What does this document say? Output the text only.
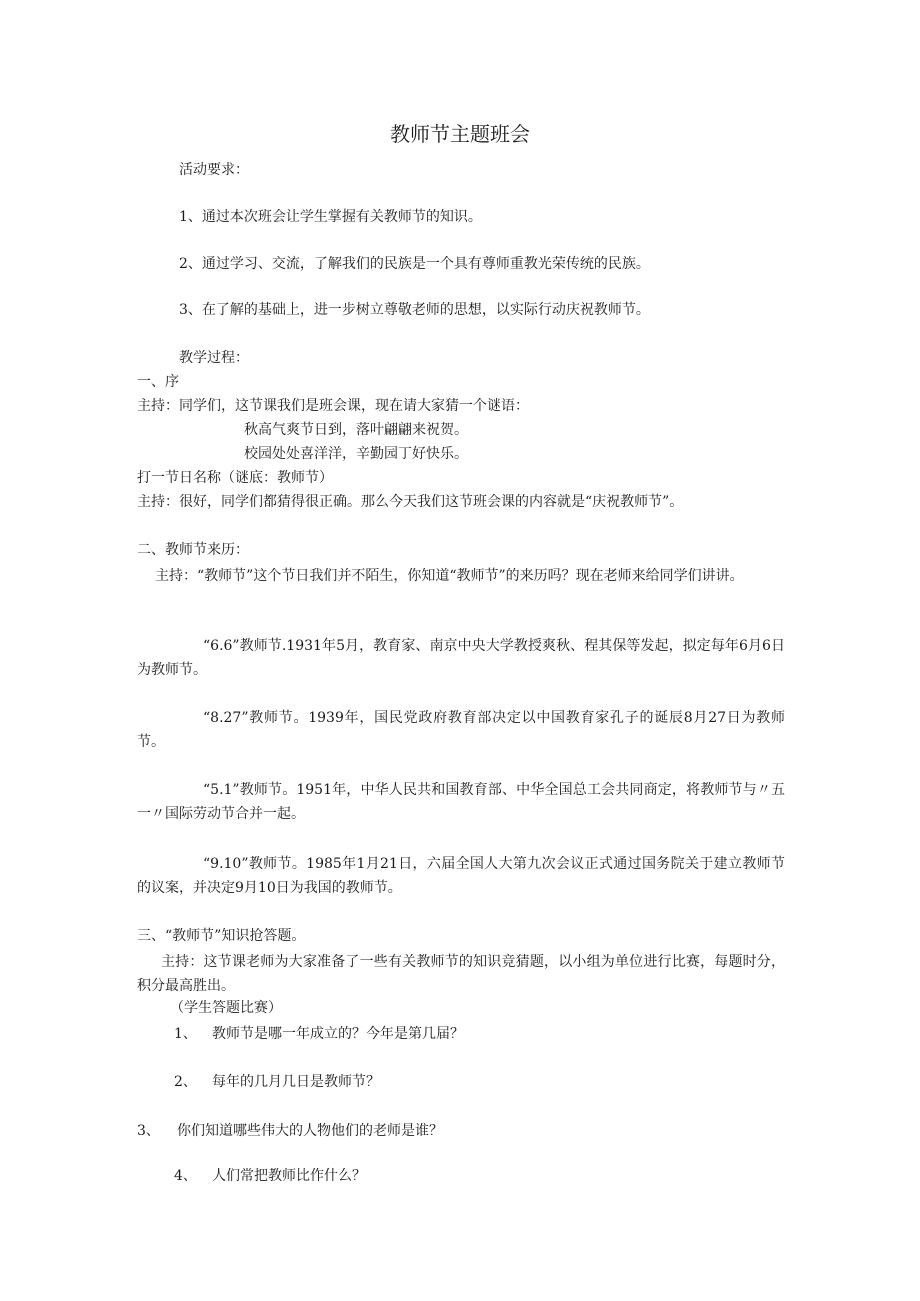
教师节主题班会
活动要求：
1、通过本次班会让学生掌握有关教师节的知识。
2、通过学习、交流，了解我们的民族是一个具有尊师重教光荣传统的民族。
3、在了解的基础上，进一步树立尊敬老师的思想，以实际行动庆祝教师节。
教学过程：
一、序
主持：同学们，这节课我们是班会课，现在请大家猜一个谜语：
秋高气爽节日到，落叶翩翩来祝贺。
校园处处喜洋洋，辛勤园丁好快乐。
打一节日名称（谜底：教师节）
主持：很好，同学们都猜得很正确。那么今天我们这节班会课的内容就是“庆祝教师节”。
二、教师节来历：
主持：“教师节”这个节日我们并不陌生，你知道“教师节”的来历吗？现在老师来给同学们讲讲。
“6.6”教师节.1931年5月，教育家、南京中央大学教授爽秋、程其保等发起，拟定每年6月6日为教师节。
“8.27”教师节。1939年，国民党政府教育部决定以中国教育家孔子的诞辰8月27日为教师节。
“5.1”教师节。1951年，中华人民共和国教育部、中华全国总工会共同商定，将教师节与〃五一〃国际劳动节合并一起。
“9.10”教师节。1985年1月21日，六届全国人大第九次会议正式通过国务院关于建立教师节的议案，并决定9月10日为我国的教师节。
三、“教师节”知识抢答题。
主持：这节课老师为大家准备了一些有关教师节的知识竞猜题，以小组为单位进行比赛，每题时分，积分最高胜出。
（学生答题比赛）
1、 教师节是哪一年成立的？今年是第几届？
2、 每年的几月几日是教师节？
3、 你们知道哪些伟大的人物他们的老师是谁？
4、 人们常把教师比作什么？
